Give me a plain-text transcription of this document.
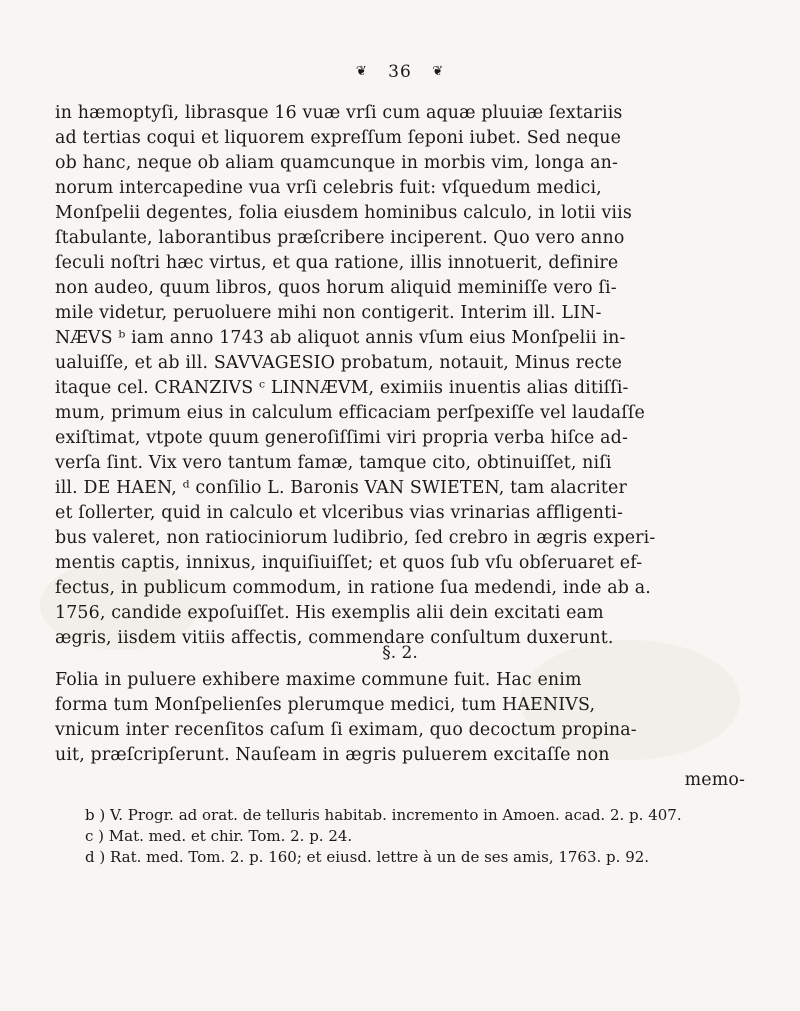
❦ 36 ❦
in hæmoptyſi, librasque 16 vuæ vrſi cum aquæ pluuiæ ſextariis
ad tertias coqui et liquorem expreſſum ſeponi iubet. Sed neque
ob hanc, neque ob aliam quamcunque in morbis vim, longa an-
norum intercapedine vua vrſi celebris fuit: vſquedum medici,
Monſpelii degentes, folia eiusdem hominibus calculo, in lotii viis
ſtabulante, laborantibus præſcribere inciperent. Quo vero anno
ſeculi noſtri hæc virtus, et qua ratione, illis innotuerit, definire
non audeo, quum libros, quos horum aliquid meminiſſe vero ſi-
mile videtur, peruoluere mihi non contigerit. Interim ill. LIN-
NÆVS ᵇ iam anno 1743 ab aliquot annis vſum eius Monſpelii in-
ualuiſſe, et ab ill. SAVVAGESIO probatum, notauit, Minus recte
itaque cel. CRANZIVS ᶜ LINNÆVM, eximiis inuentis alias ditiſſi-
mum, primum eius in calculum efficaciam perſpexiſſe vel laudaſſe
exiſtimat, vtpote quum generoſiſſimi viri propria verba hiſce ad-
verſa ſint. Vix vero tantum famæ, tamque cito, obtinuiſſet, niſi
ill. DE HAEN, ᵈ conſilio L. Baronis VAN SWIETEN, tam alacriter
et ſollerter, quid in calculo et vlceribus vias vrinarias affligenti-
bus valeret, non ratiociniorum ludibrio, ſed crebro in ægris experi-
mentis captis, innixus, inquiſiuiſſet; et quos ſub vſu obſeruaret ef-
fectus, in publicum commodum, in ratione ſua medendi, inde ab a.
1756, candide expoſuiſſet. His exemplis alii dein excitati eam
ægris, iisdem vitiis affectis, commendare conſultum duxerunt.
§. 2.
Folia in puluere exhibere maxime commune fuit. Hac enim
forma tum Monſpelienſes plerumque medici, tum HAENIVS,
vnicum inter recenſitos caſum ſi eximam, quo decoctum propina-
uit, præſcripſerunt. Nauſeam in ægris puluerem excitaſſe non
memo-
b ) V. Progr. ad orat. de telluris habitab. incremento in Amoen. acad. 2. p. 407.
c ) Mat. med. et chir. Tom. 2. p. 24.
d ) Rat. med. Tom. 2. p. 160; et eiusd. lettre à un de ses amis, 1763. p. 92.
